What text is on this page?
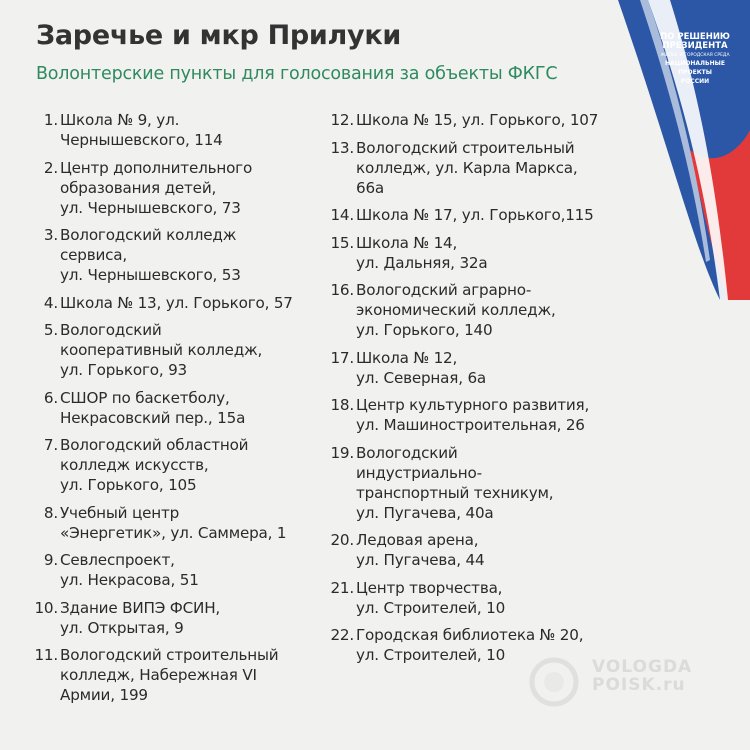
Заречье и мкр Прилуки
Волонтерские пункты для голосования за объекты ФКГС
ПО РЕШЕНИЮ
ПРЕЗИДЕНТА
ЖИЛЬЕ И ГОРОДСКАЯ СРЕДА
НАЦИОНАЛЬНЫЕ
ПРОЕКТЫ
РОССИИ
1. Школа № 9, ул.
Чернышевского, 114
2. Центр дополнительного
образования детей,
ул. Чернышевского, 73
3. Вологодский колледж
сервиса,
ул. Чернышевского, 53
4. Школа № 13, ул. Горького, 57
5. Вологодский
кооперативный колледж,
ул. Горького, 93
6. СШОР по баскетболу,
Некрасовский пер., 15а
7. Вологодский областной
колледж искусств,
ул. Горького, 105
8. Учебный центр
«Энергетик», ул. Саммера, 1
9. Севлеспроект,
ул. Некрасова, 51
10. Здание ВИПЭ ФСИН,
ул. Открытая, 9
11. Вологодский строительный
колледж, Набережная VI
Армии, 199
12. Школа № 15, ул. Горького, 107
13. Вологодский строительный
колледж, ул. Карла Маркса,
66а
14. Школа № 17, ул. Горького,115
15. Школа № 14,
ул. Дальняя, 32а
16. Вологодский аграрно-
экономический колледж,
ул. Горького, 140
17. Школа № 12,
ул. Северная, 6а
18. Центр культурного развития,
ул. Машиностроительная, 26
19. Вологодский
индустриально-
транспортный техникум,
ул. Пугачева, 40а
20. Ледовая арена,
ул. Пугачева, 44
21. Центр творчества,
ул. Строителей, 10
22. Городская библиотека № 20,
ул. Строителей, 10
VOLOGDA
POISK.ru
